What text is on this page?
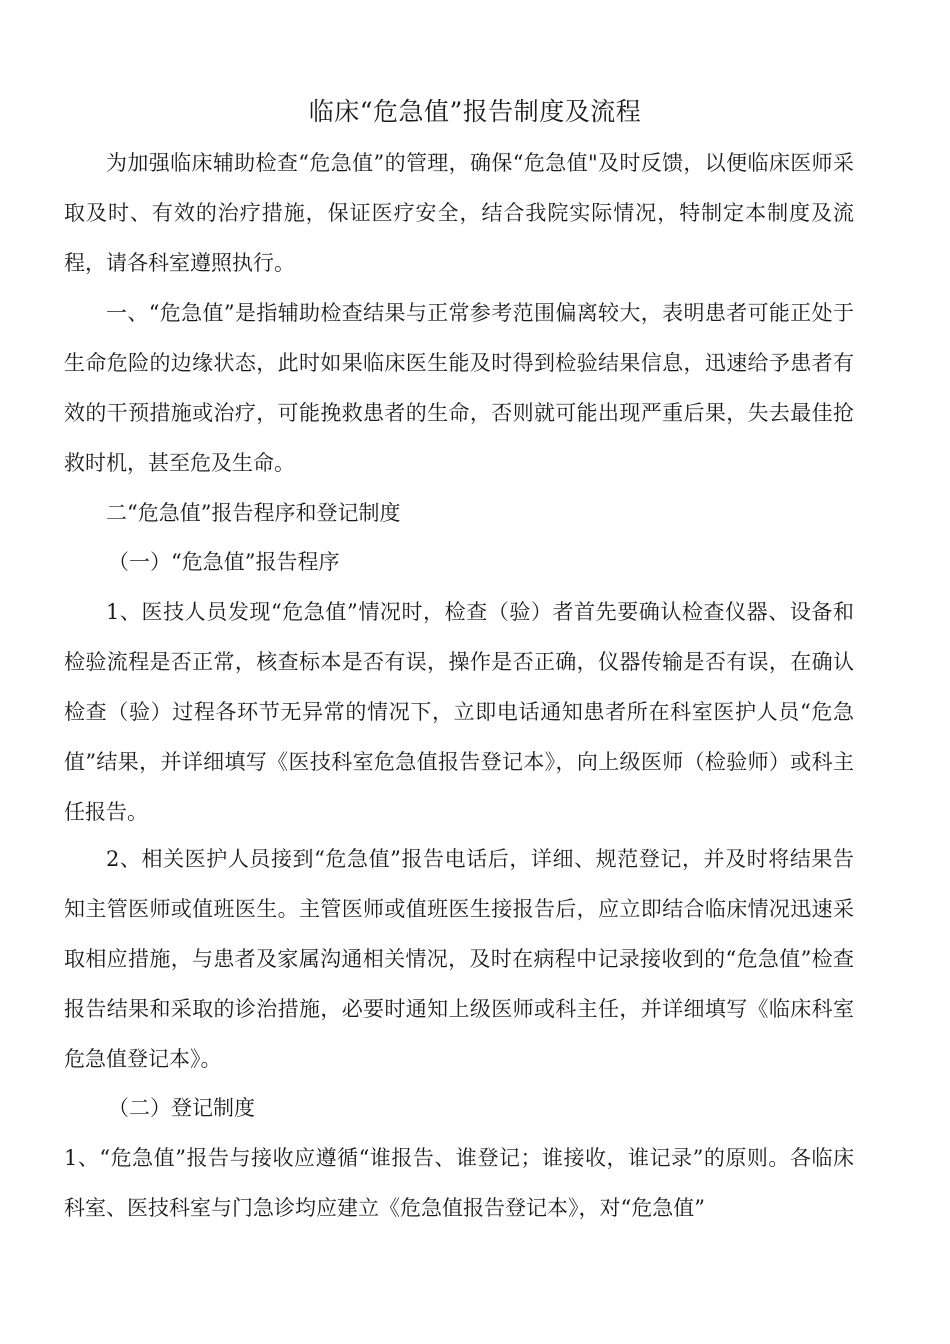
临床“危急值”报告制度及流程

为加强临床辅助检查“危急值”的管理，确保“危急值"及时反馈，以便临床医师采取及时、有效的治疗措施，保证医疗安全，结合我院实际情况，特制定本制度及流程，请各科室遵照执行。

一、“危急值”是指辅助检查结果与正常参考范围偏离较大，表明患者可能正处于生命危险的边缘状态，此时如果临床医生能及时得到检验结果信息，迅速给予患者有效的干预措施或治疗，可能挽救患者的生命，否则就可能出现严重后果，失去最佳抢救时机，甚至危及生命。

二“危急值”报告程序和登记制度

（一）“危急值”报告程序

1、医技人员发现“危急值”情况时，检查（验）者首先要确认检查仪器、设备和检验流程是否正常，核查标本是否有误，操作是否正确，仪器传输是否有误，在确认检查（验）过程各环节无异常的情况下，立即电话通知患者所在科室医护人员“危急值”结果，并详细填写《医技科室危急值报告登记本》，向上级医师（检验师）或科主任报告。

2、相关医护人员接到“危急值”报告电话后，详细、规范登记，并及时将结果告知主管医师或值班医生。主管医师或值班医生接报告后，应立即结合临床情况迅速采取相应措施，与患者及家属沟通相关情况，及时在病程中记录接收到的“危急值”检查报告结果和采取的诊治措施，必要时通知上级医师或科主任，并详细填写《临床科室危急值登记本》。

（二）登记制度

1、“危急值”报告与接收应遵循“谁报告、谁登记；谁接收，谁记录”的原则。各临床科室、医技科室与门急诊均应建立《危急值报告登记本》，对“危急值”
